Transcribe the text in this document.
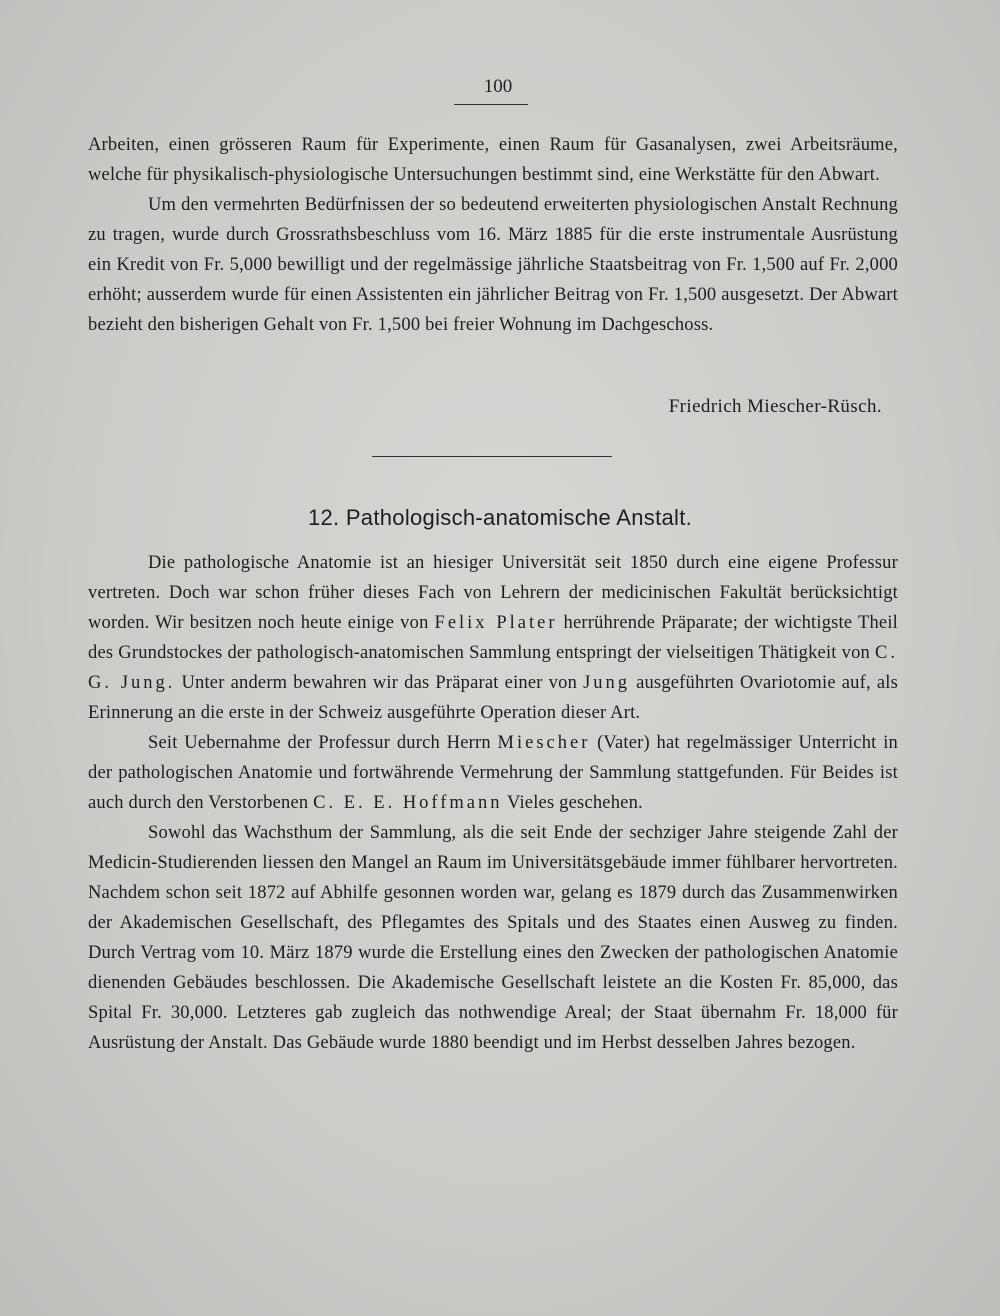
100

Arbeiten, einen grösseren Raum für Experimente, einen Raum für Gasanalysen, zwei Arbeitsräume, welche für physikalisch-physiologische Untersuchungen bestimmt sind, eine Werkstätte für den Abwart.

Um den vermehrten Bedürfnissen der so bedeutend erweiterten physiologischen Anstalt Rechnung zu tragen, wurde durch Grossrathsbeschluss vom 16. März 1885 für die erste instrumentale Ausrüstung ein Kredit von Fr. 5,000 bewilligt und der regelmässige jährliche Staatsbeitrag von Fr. 1,500 auf Fr. 2,000 erhöht; ausserdem wurde für einen Assistenten ein jährlicher Beitrag von Fr. 1,500 ausgesetzt. Der Abwart bezieht den bisherigen Gehalt von Fr. 1,500 bei freier Wohnung im Dachgeschoss.

Friedrich Miescher-Rüsch.
12. Pathologisch-anatomische Anstalt.

Die pathologische Anatomie ist an hiesiger Universität seit 1850 durch eine eigene Professur vertreten. Doch war schon früher dieses Fach von Lehrern der medicinischen Fakultät berücksichtigt worden. Wir besitzen noch heute einige von Felix Plater herrührende Präparate; der wichtigste Theil des Grundstockes der pathologisch-anatomischen Sammlung entspringt der vielseitigen Thätigkeit von C. G. Jung. Unter anderm bewahren wir das Präparat einer von Jung ausgeführten Ovariotomie auf, als Erinnerung an die erste in der Schweiz ausgeführte Operation dieser Art.

Seit Uebernahme der Professur durch Herrn Miescher (Vater) hat regelmässiger Unterricht in der pathologischen Anatomie und fortwährende Vermehrung der Sammlung stattgefunden. Für Beides ist auch durch den Verstorbenen C. E. E. Hoffmann Vieles geschehen.

Sowohl das Wachsthum der Sammlung, als die seit Ende der sechziger Jahre steigende Zahl der Medicin-Studierenden liessen den Mangel an Raum im Universitätsgebäude immer fühlbarer hervortreten. Nachdem schon seit 1872 auf Abhilfe gesonnen worden war, gelang es 1879 durch das Zusammenwirken der Akademischen Gesellschaft, des Pflegamtes des Spitals und des Staates einen Ausweg zu finden. Durch Vertrag vom 10. März 1879 wurde die Erstellung eines den Zwecken der pathologischen Anatomie dienenden Gebäudes beschlossen. Die Akademische Gesellschaft leistete an die Kosten Fr. 85,000, das Spital Fr. 30,000. Letzteres gab zugleich das nothwendige Areal; der Staat übernahm Fr. 18,000 für Ausrüstung der Anstalt. Das Gebäude wurde 1880 beendigt und im Herbst desselben Jahres bezogen.
